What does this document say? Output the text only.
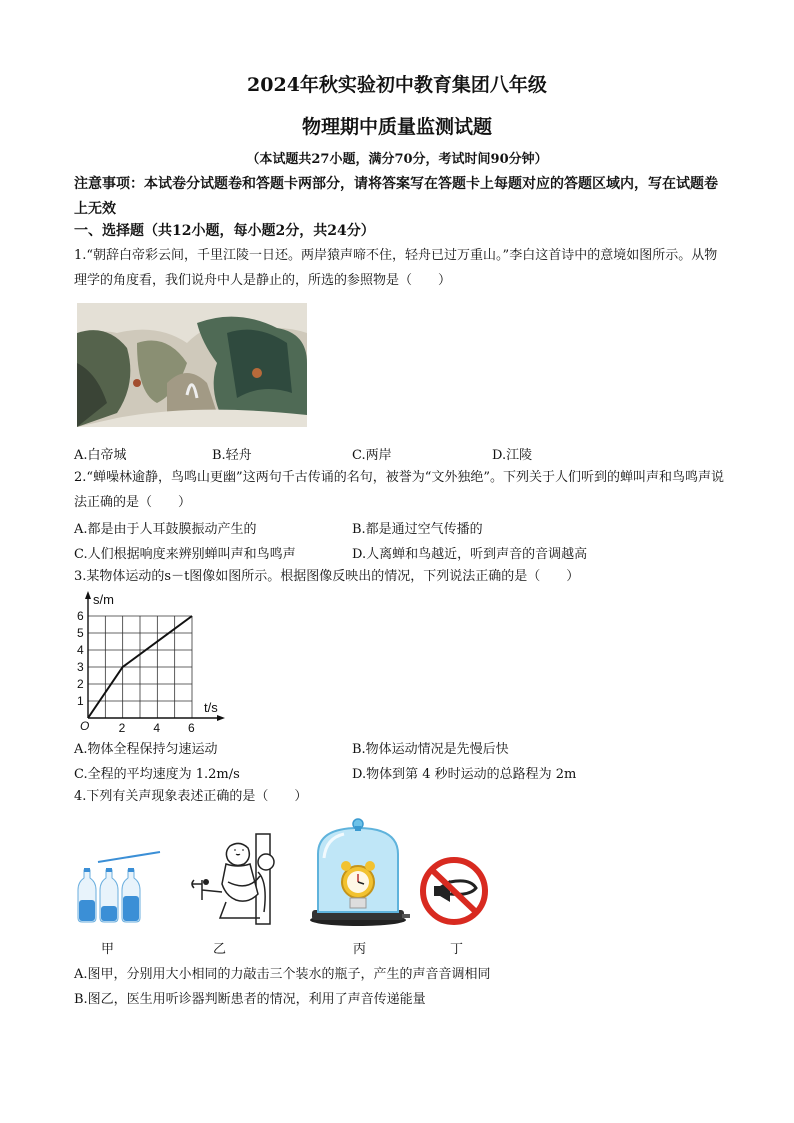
2024年秋实验初中教育集团八年级
物理期中质量监测试题
（本试题共27小题，满分70分，考试时间90分钟）
注意事项：本试卷分试题卷和答题卡两部分，请将答案写在答题卡上每题对应的答题区域内，写在试题卷上无效
一、选择题（共12小题，每小题2分，共24分）
1.“朝辞白帝彩云间，千里江陵一日还。两岸猿声啼不住，轻舟已过万重山。”李白这首诗中的意境如图所示。从物理学的角度看，我们说舟中人是静止的，所选的参照物是（　　）
A.白帝城	B.轻舟	C.两岸	D.江陵
2.“蝉噪林逾静，鸟鸣山更幽”这两句千古传诵的名句，被誉为“文外独绝”。下列关于人们听到的蝉叫声和鸟鸣声说法正确的是（　　）
A.都是由于人耳鼓膜振动产生的	B.都是通过空气传播的
C.人们根据响度来辨别蝉叫声和鸟鸣声	D.人离蝉和鸟越近，听到声音的音调越高
3.某物体运动的s－t图像如图所示。根据图像反映出的情况，下列说法正确的是（　　）
1
2
3
4
5
6
2 4 6
O
s/m
t/s
A.物体全程保持匀速运动	B.物体运动情况是先慢后快
C.全程的平均速度为 1.2m/s	D.物体到第 4 秒时运动的总路程为 2m
4.下列有关声现象表述正确的是（　　）
甲	乙	丙	丁
A.图甲，分别用大小相同的力敲击三个装水的瓶子，产生的声音音调相同
B.图乙，医生用听诊器判断患者的情况，利用了声音传递能量
